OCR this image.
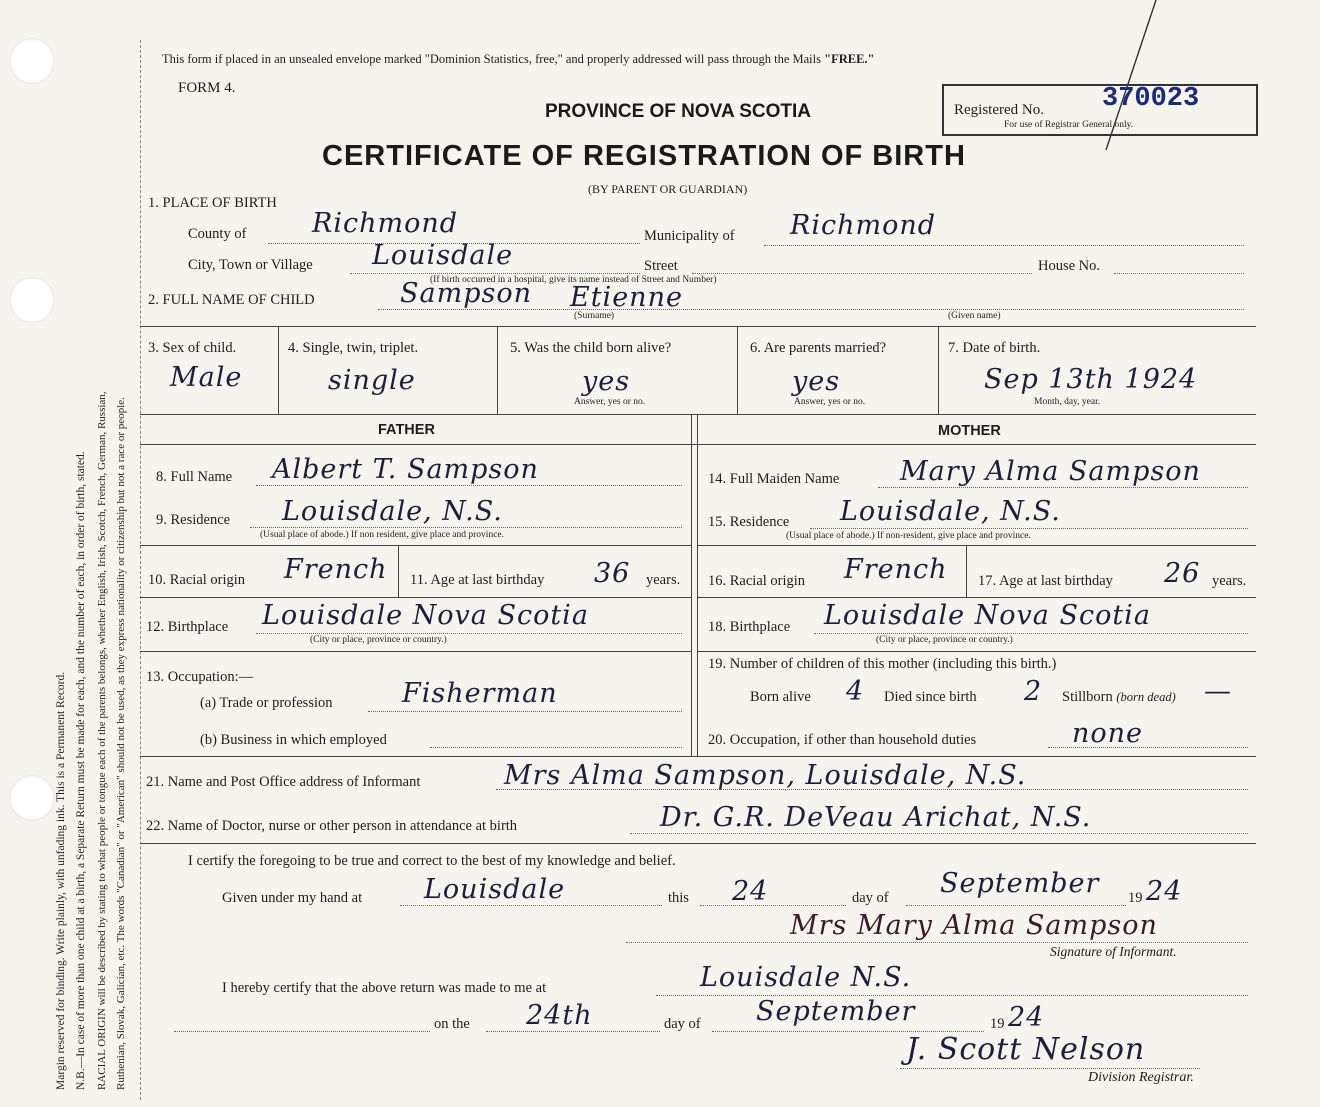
Margin reserved for binding. Write plainly, with unfading ink. This is a Permanent Record. N.B.—In case of more than one child at a birth, a Separate Return must be made for each, and the number of each, in order of birth, stated. RACIAL ORIGIN will be described by stating to what people or tongue each of the parents belongs, whether English, Irish, Scotch, French, German, Russian, Ruthenian, Slovak, Galician, etc. The words "Canadian" or "American" should not be used, as they express nationality or citizenship but not a race or people.
This form if placed in an unsealed envelope marked "Dominion Statistics, free," and properly addressed will pass through the Mails "FREE."
FORM 4.
PROVINCE OF NOVA SCOTIA
CERTIFICATE OF REGISTRATION OF BIRTH
(BY PARENT OR GUARDIAN)
Registered No. 370023
For use of Registrar General only.
1. PLACE OF BIRTH
County of Richmond	Municipality of Richmond
City, Town or Village Louisdale	Street	House No.
(If birth occurred in a hospital, give its name instead of Street and Number)
2. FULL NAME OF CHILD	Sampson Etienne
(Surname)	(Given name)
3. Sex of child.
Male
4. Single, twin, triplet.
single
5. Was the child born alive?
yes
Answer, yes or no.
6. Are parents married?
yes
Answer, yes or no.
7. Date of birth.
Sep 13th 1924
Month, day, year.
FATHER	MOTHER
8. Full Name Albert T. Sampson
9. Residence Louisdale, N.S.
(Usual place of abode.) If non resident, give place and province.
10. Racial origin French 11. Age at last birthday 36 years.
12. Birthplace Louisdale Nova Scotia
(City or place, province or country.)
13. Occupation:—
(a) Trade or profession	Fisherman
(b) Business in which employed
14. Full Maiden Name Mary Alma Sampson
15. Residence Louisdale, N.S.
(Usual place of abode.) If non-resident, give place and province.
16. Racial origin French 17. Age at last birthday 26 years.
18. Birthplace Louisdale Nova Scotia
(City or place, province or country.)
19. Number of children of this mother (including this birth.)
Born alive 4 Died since birth 2 Stillborn (born dead) —
20. Occupation, if other than household duties	none
21. Name and Post Office address of Informant	Mrs Alma Sampson, Louisdale, N.S.
22. Name of Doctor, nurse or other person in attendance at birth	Dr. G.R. DeVeau Arichat, N.S.
I certify the foregoing to be true and correct to the best of my knowledge and belief.
Given under my hand at Louisdale	this 24	day of September 19 24
Mrs Mary Alma Sampson
Signature of Informant.
I hereby certify that the above return was made to me at	Louisdale N.S.
on the 24th	day of September	19 24
J. Scott Nelson
Division Registrar.
